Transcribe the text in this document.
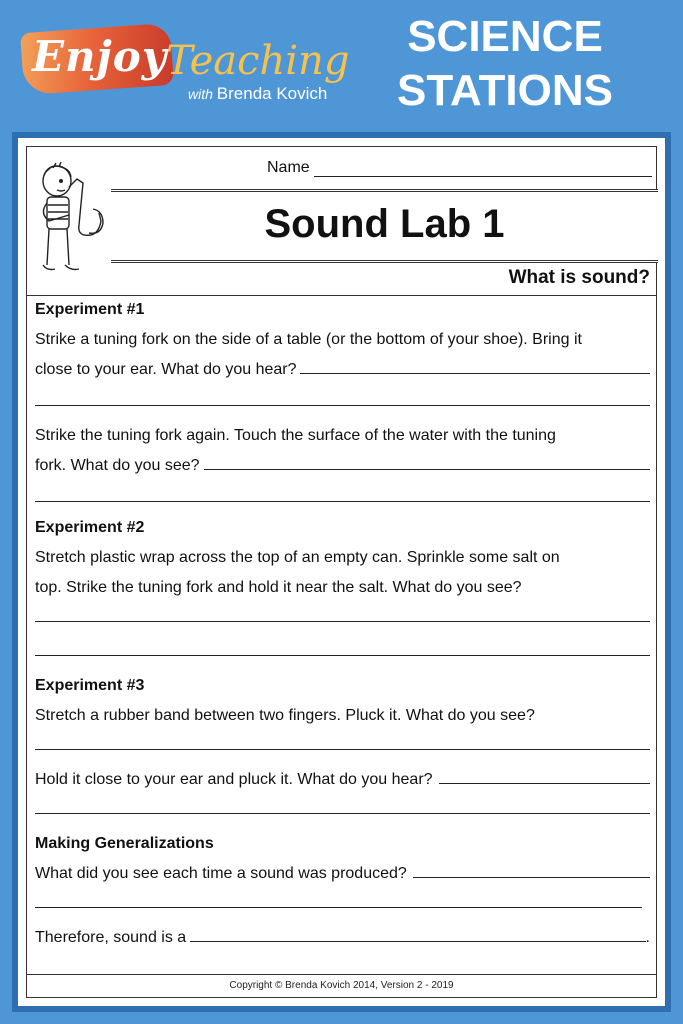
Enjoy
Teaching
with Brenda Kovich
SCIENCE
STATIONS
Name
Sound Lab 1
What is sound?
Experiment #1
Strike a tuning fork on the side of a table (or the bottom of your shoe). Bring it
close to your ear. What do you hear?
Strike the tuning fork again. Touch the surface of the water with the tuning
fork. What do you see?
Experiment #2
Stretch plastic wrap across the top of an empty can. Sprinkle some salt on
top. Strike the tuning fork and hold it near the salt. What do you see?
Experiment #3
Stretch a rubber band between two fingers. Pluck it. What do you see?
Hold it close to your ear and pluck it. What do you hear?
Making Generalizations
What did you see each time a sound was produced?
Therefore, sound is a	.
Copyright © Brenda Kovich 2014, Version 2 - 2019
